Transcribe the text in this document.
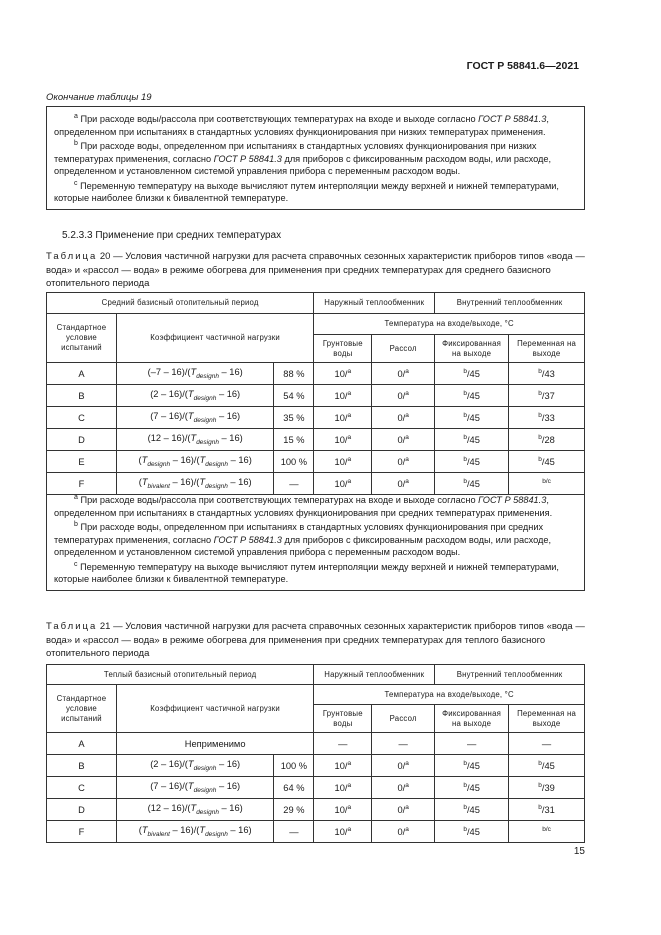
ГОСТ Р 58841.6—2021
Окончание таблицы 19

$^a$ При расходе воды/рассола при соответствующих температурах на входе и выходе согласно ГОСТ Р 58841.3, определенном при испытаниях в стандартных условиях функционирования при низких температурах применения.

$^b$ При расходе воды, определенном при испытаниях в стандартных условиях функционирования при низких температурах применения, согласно ГОСТ Р 58841.3 для приборов с фиксированным расходом воды, или расходе, определенном и установленном системой управления прибора с переменным расходом воды.

$^c$ Переменную температуру на выходе вычисляют путем интерполяции между верхней и нижней температурами, которые наиболее близки к бивалентной температуре.

5.2.3.3 Применение при средних температурах
Таблица 20 — Условия частичной нагрузки для расчета справочных сезонных характеристик приборов типов «вода — вода» и «рассол — вода» в режиме обогрева для применения при средних температурах для среднего базисного отопительного периода
Средний базисный отопительный период			Наружный теплообменник		Внутренний теплообменник	
Стандартное условие испытаний	Коэффициент частичной нагрузки		Температура на входе/выходе, °С			
			Грунтовые воды	Рассол	Фиксированная на выходе	Переменная на выходе
A	$(-7 - 16)/(T_{designh} - 16)$	88 %	10/$^a$	0/$^a$	$^b$/45	$^b$/43
B	$(2 - 16)/(T_{designh} - 16)$	54 %	10/$^a$	0/$^a$	$^b$/45	$^b$/37
C	$(7 - 16)/(T_{designh} - 16)$	35 %	10/$^a$	0/$^a$	$^b$/45	$^b$/33
D	$(12 - 16)/(T_{designh} - 16)$	15 %	10/$^a$	0/$^a$	$^b$/45	$^b$/28
E	$(T_{designh} - 16)/(T_{designh} - 16)$	100 %	10/$^a$	0/$^a$	$^b$/45	$^b$/45
F	$(T_{bivalent} - 16)/(T_{designh} - 16)$	—	10/$^a$	0/$^a$	$^b$/45	$^{b/c}$

$^a$ При расходе воды/рассола при соответствующих температурах на входе и выходе согласно ГОСТ Р 58841.3, определенном при испытаниях в стандартных условиях функционирования при средних температурах применения.

$^b$ При расходе воды, определенном при испытаниях в стандартных условиях функционирования при средних температурах применения, согласно ГОСТ Р 58841.3 для приборов с фиксированным расходом воды, или расходе, определенном и установленном системой управления прибора с переменным расходом воды.

$^c$ Переменную температуру на выходе вычисляют путем интерполяции между верхней и нижней температурами, которые наиболее близки к бивалентной температуре.

Таблица 21 — Условия частичной нагрузки для расчета справочных сезонных характеристик приборов типов «вода — вода» и «рассол — вода» в режиме обогрева для применения при средних температурах для теплого базисного отопительного периода
Теплый базисный отопительный период			Наружный теплообменник		Внутренний теплообменник	
Стандартное условие испытаний	Коэффициент частичной нагрузки		Температура на входе/выходе, °С			
			Грунтовые воды	Рассол	Фиксированная на выходе	Переменная на выходе
A	Неприменимо		—	—	—	—
B	$(2 - 16)/(T_{designh} - 16)$	100 %	10/$^a$	0/$^a$	$^b$/45	$^b$/45
C	$(7 - 16)/(T_{designh} - 16)$	64 %	10/$^a$	0/$^a$	$^b$/45	$^b$/39
D	$(12 - 16)/(T_{designh} - 16)$	29 %	10/$^a$	0/$^a$	$^b$/45	$^b$/31
F	$(T_{bivalent} - 16)/(T_{designh} - 16)$	—	10/$^a$	0/$^a$	$^b$/45	$^{b/c}$
15
